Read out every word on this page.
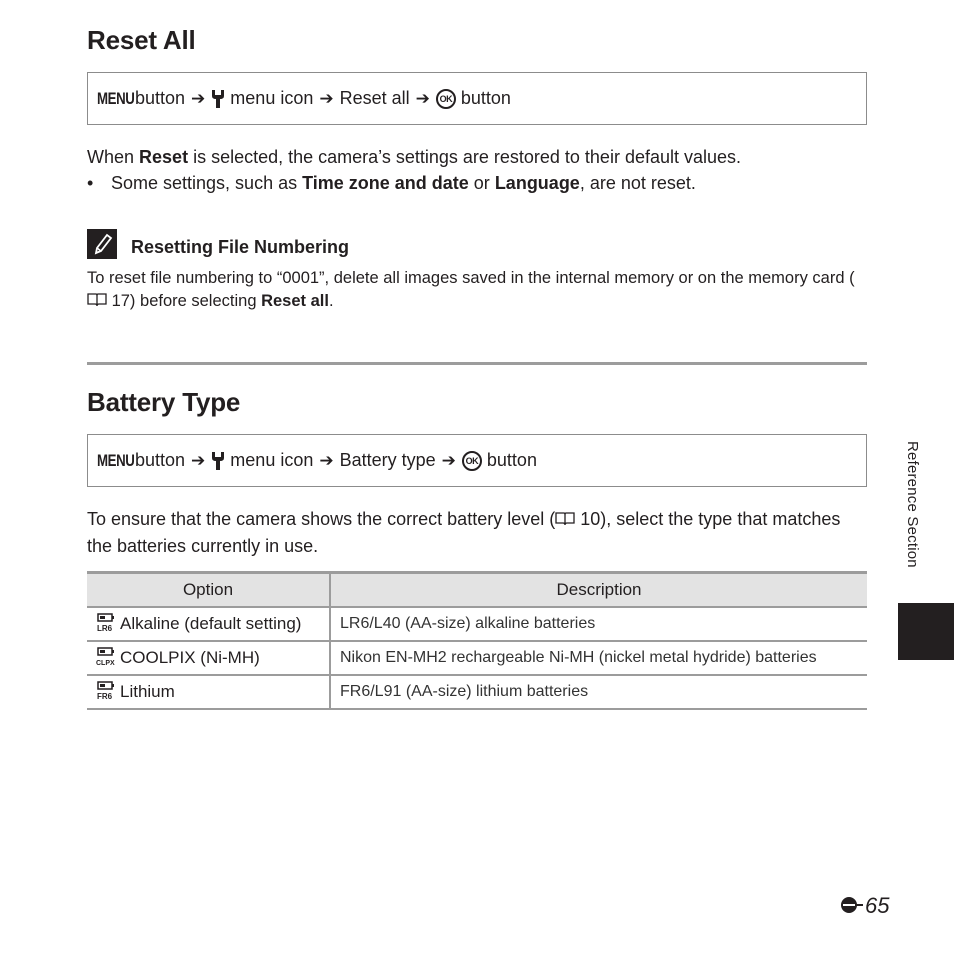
Reset All
MENU button ➔ menu icon ➔ Reset all ➔	OK button
When Reset is selected, the camera’s settings are restored to their default values.
• Some settings, such as Time zone and date or Language, are not reset.
Resetting File Numbering
To reset file numbering to “0001”, delete all images saved in the internal memory or on the memory card ( 17) before selecting Reset all.
Battery Type
MENU button ➔ menu icon ➔ Battery type ➔	OK button
To ensure that the camera shows the correct battery level ( 10), select the type that matches the batteries currently in use.
Option	Description

LR6 Alkaline (default setting)	LR6/L40 (AA-size) alkaline batteries

CLPX COOLPIX (Ni-MH)	Nikon EN-MH2 rechargeable Ni-MH (nickel metal hydride) batteries

FR6 Lithium	FR6/L91 (AA-size) lithium batteries
Reference Section
65
